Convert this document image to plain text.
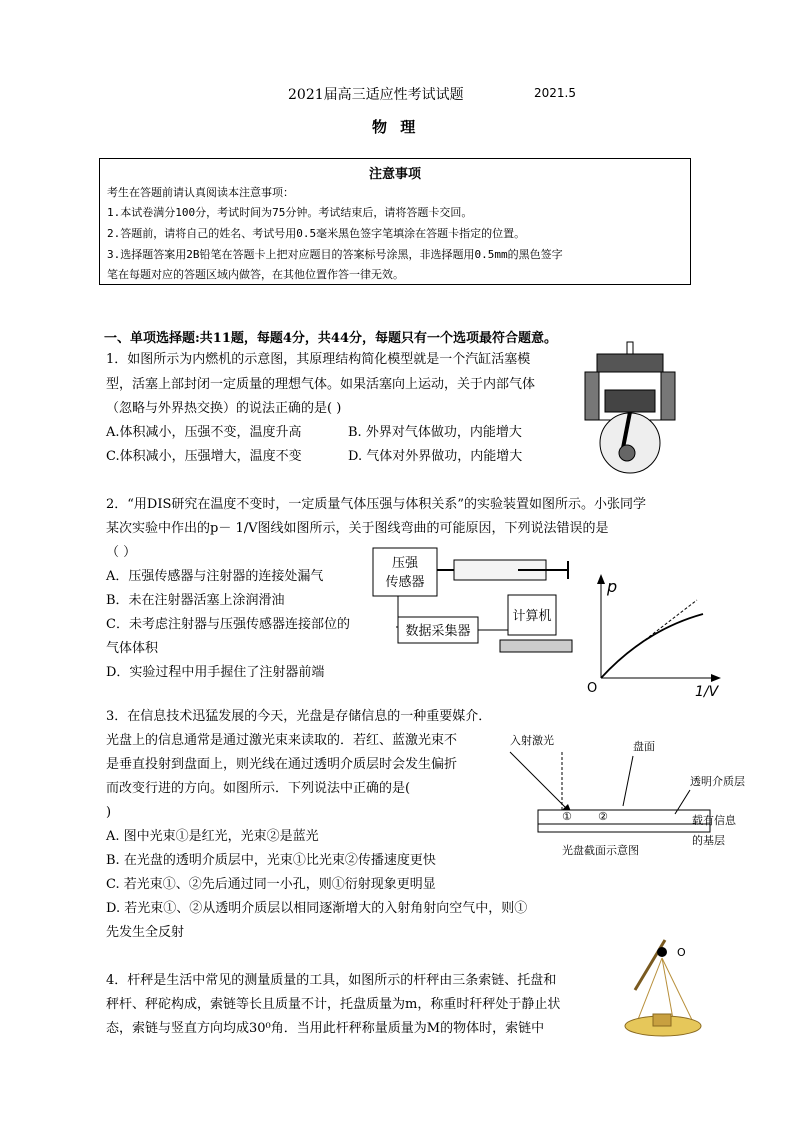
2021届高三适应性考试试题	2021.5
物 理
注意事项
考生在答题前请认真阅读本注意事项：
1.本试卷满分100分，考试时间为75分钟。考试结束后，请将答题卡交回。
2.答题前，请将自己的姓名、考试号用0.5毫米黑色签字笔填涂在答题卡指定的位置。
3.选择题答案用2B铅笔在答题卡上把对应题目的答案标号涂黑，非选择题用0.5mm的黑色签字
笔在每题对应的答题区域内做答，在其他位置作答一律无效。
一、单项选择题:共11题，每题4分，共44分，每题只有一个选项最符合题意。
1．如图所示为内燃机的示意图，其原理结构简化模型就是一个汽缸活塞模
型，活塞上部封闭一定质量的理想气体。如果活塞向上运动，关于内部气体
（忽略与外界热交换）的说法正确的是( )
A.体积减小，压强不变，温度升高	B. 外界对气体做功，内能增大
C.体积减小，压强增大，温度不变	D. 气体对外界做功，内能增大
2．“用DIS研究在温度不变时，一定质量气体压强与体积关系”的实验装置如图所示。小张同学
某次实验中作出的p－ 1/V图线如图所示，关于图线弯曲的可能原因，下列说法错误的是
（ ）
A．压强传感器与注射器的连接处漏气
B．未在注射器活塞上涂润滑油
C．未考虑注射器与压强传感器连接部位的
气体体积
D．实验过程中用手握住了注射器前端
压强
传感器
数据采集器
计算机
p
1/V
O
3．在信息技术迅猛发展的今天，光盘是存储信息的一种重要媒介．
光盘上的信息通常是通过激光束来读取的．若红、蓝激光束不
是垂直投射到盘面上，则光线在通过透明介质层时会发生偏折
而改变行进的方向。如图所示．下列说法中正确的是(
)
A. 图中光束①是红光，光束②是蓝光
B. 在光盘的透明介质层中，光束①比光束②传播速度更快
C. 若光束①、②先后通过同一小孔，则①衍射现象更明显
D. 若光束①、②从透明介质层以相同逐渐增大的入射角射向空气中，则①
先发生全反射
入射激光	盘面
透明介质层
载有信息
的基层
光盘截面示意图
① ②
4．杆秤是生活中常见的测量质量的工具，如图所示的杆秤由三条索链、托盘和
秤杆、秤砣构成，索链等长且质量不计，托盘质量为m，称重时秆秤处于静止状
态，索链与竖直方向均成30⁰角．当用此杆秤称量质量为M的物体时，索链中
O
